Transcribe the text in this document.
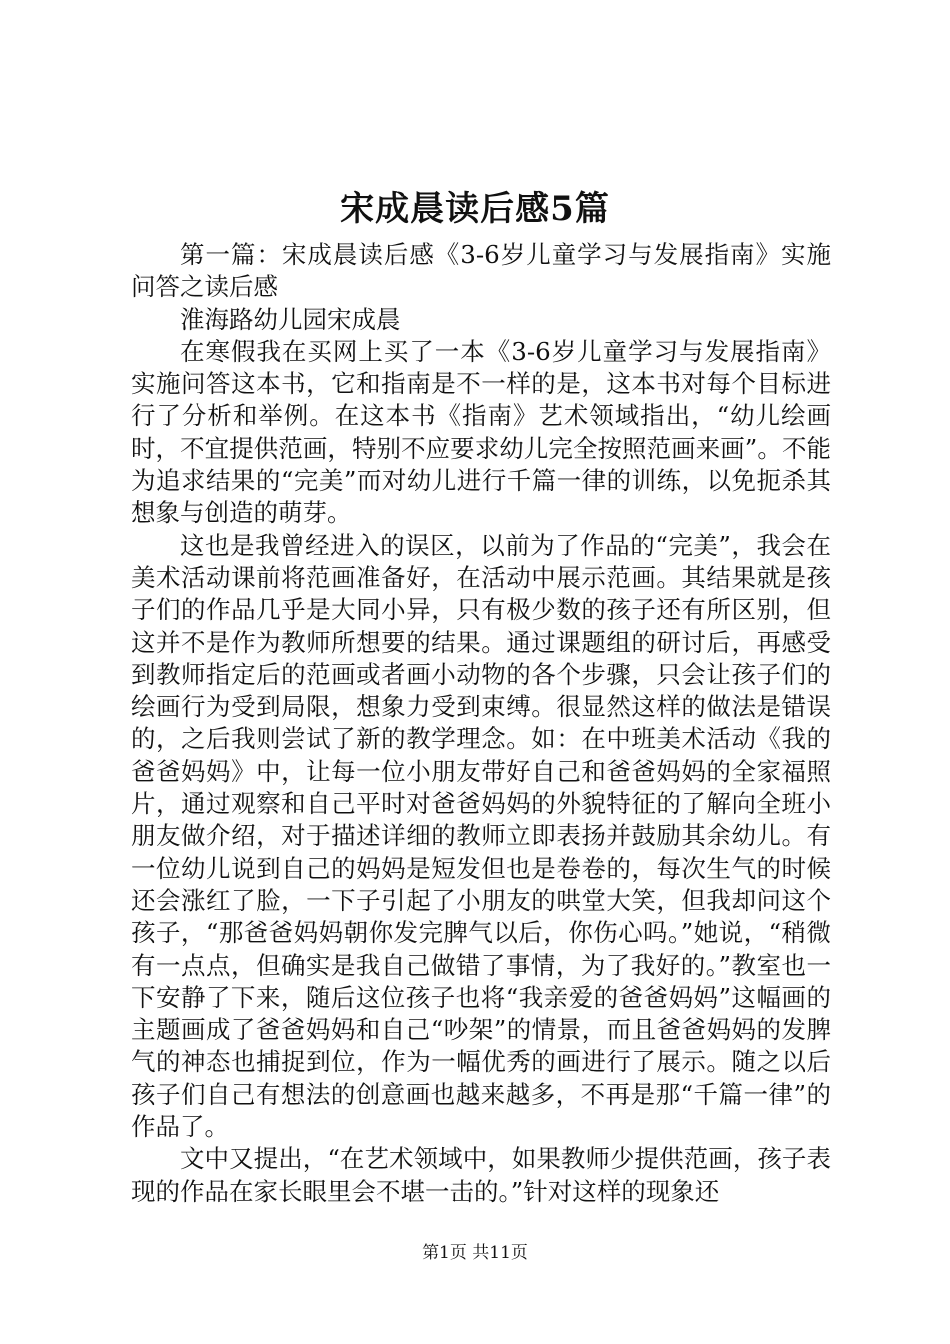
宋成晨读后感5篇

第一篇：宋成晨读后感《3-6岁儿童学习与发展指南》实施问答之读后感

淮海路幼儿园宋成晨

在寒假我在买网上买了一本《3-6岁儿童学习与发展指南》实施问答这本书，它和指南是不一样的是，这本书对每个目标进行了分析和举例。在这本书《指南》艺术领域指出，“幼儿绘画时，不宜提供范画，特别不应要求幼儿完全按照范画来画”。不能为追求结果的“完美”而对幼儿进行千篇一律的训练，以免扼杀其想象与创造的萌芽。

这也是我曾经进入的误区，以前为了作品的“完美”，我会在美术活动课前将范画准备好，在活动中展示范画。其结果就是孩子们的作品几乎是大同小异，只有极少数的孩子还有所区别，但这并不是作为教师所想要的结果。通过课题组的研讨后，再感受到教师指定后的范画或者画小动物的各个步骤，只会让孩子们的绘画行为受到局限，想象力受到束缚。很显然这样的做法是错误的，之后我则尝试了新的教学理念。如：在中班美术活动《我的爸爸妈妈》中，让每一位小朋友带好自己和爸爸妈妈的全家福照片，通过观察和自己平时对爸爸妈妈的外貌特征的了解向全班小朋友做介绍，对于描述详细的教师立即表扬并鼓励其余幼儿。有一位幼儿说到自己的妈妈是短发但也是卷卷的，每次生气的时候还会涨红了脸，一下子引起了小朋友的哄堂大笑，但我却问这个孩子，“那爸爸妈妈朝你发完脾气以后，你伤心吗。”她说，“稍微有一点点，但确实是我自己做错了事情，为了我好的。”教室也一下安静了下来，随后这位孩子也将“我亲爱的爸爸妈妈”这幅画的主题画成了爸爸妈妈和自己“吵架”的情景，而且爸爸妈妈的发脾气的神态也捕捉到位，作为一幅优秀的画进行了展示。随之以后孩子们自己有想法的创意画也越来越多，不再是那“千篇一律”的作品了。

文中又提出，“在艺术领域中，如果教师少提供范画，孩子表现的作品在家长眼里会不堪一击的。”针对这样的现象还

第1页 共11页
